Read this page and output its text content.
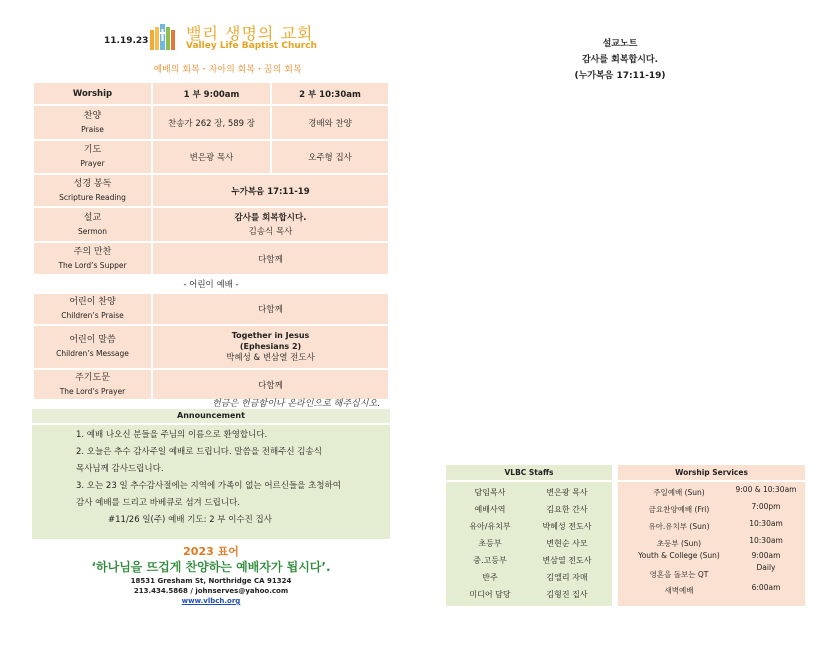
11.19.23 밸리 생명의 교회
Valley Life Baptist Church
예배의 회복・자아의 회복・꿈의 회복
Worship	1 부 9:00am	2 부 10:30am

찬양
Praise	찬송가 262 장, 589 장	경배와 찬양

기도
Prayer	변은광 목사	오주형 집사

성경 봉독
Scripture Reading	누가복음 17:11-19	

설교
Sermon	감사를 회복합시다.
김송식 목사	

주의 만찬
The Lord’s Supper	다함께	
- 어린이 예배 -		

어린이 찬양
Children’s Praise	다함께	

어린이 말씀
Children’s Message	Together in Jesus
(Ephesians 2)
박혜성 & 변삼열 전도사	

주기도문
The Lord’s Prayer	다함께	
헌금은 헌금함이나 온라인으로 해주십시오.
Announcement

1. 예배 나오신 분들을 주님의 이름으로 환영합니다.

2. 오늘은 추수 감사주일 예배로 드립니다. 말씀을 전해주신 김송식

목사님께 감사드립니다.

3. 오는 23 일 추수감사절에는 지역에 가족이 없는 어르신들을 초청하여

감사 예배를 드리고 바베큐로 섬겨 드립니다.

#11/26 일(주) 예배 기도: 2 부 이수진 집사

2023 표어
‘하나님을 뜨겁게 찬양하는 예배자가 됩시다’.
18531 Gresham St, Northridge CA 91324
213.434.5868 / johnserves@yahoo.com
www.vlbch.org
설교노트
감사를 회복합시다.
(누가복음 17:11-19)
VLBC Staffs
담임목사	변은광 목사
예배사역	김요한 간사
유아/유치부	박혜성 전도사
초등부	변현순 사모
중.고등부	변삼열 전도사
반주	김엘리 자매
미디어 담당	김형진 집사
Worship Services
주일예배 (Sun)	9:00 & 10:30am
금요찬양예배 (Fri)	7:00pm
유아.유치부 (Sun)	10:30am
초등부 (Sun)	10:30am
Youth & College (Sun)	9:00am
영혼을 돌보는 QT
Daily
새벽예배	6:00am
